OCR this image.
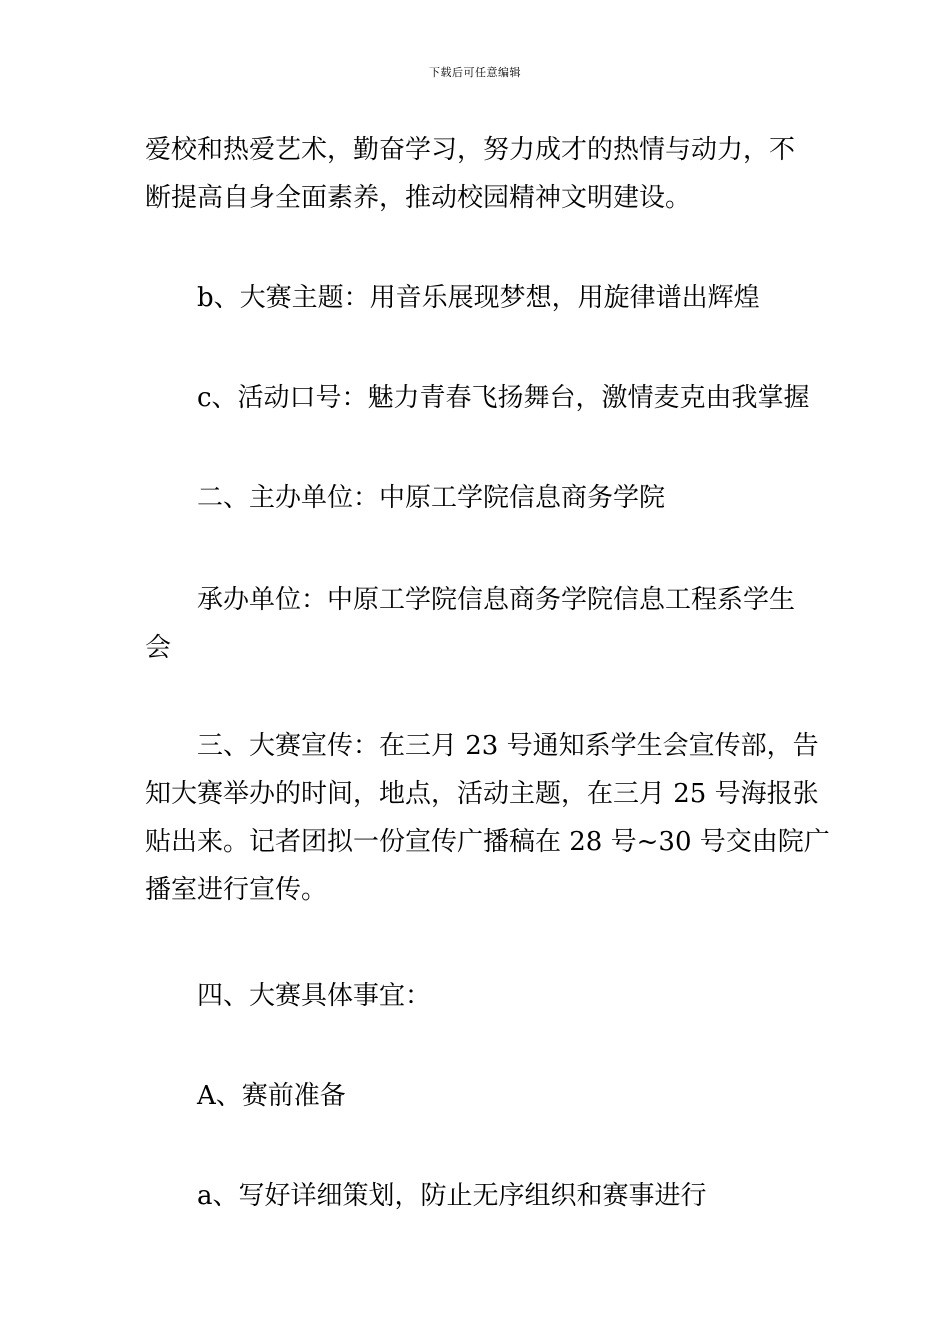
下载后可任意编辑
爱校和热爱艺术，勤奋学习，努力成才的热情与动力，不
断提高自身全面素养，推动校园精神文明建设。
b、大赛主题：用音乐展现梦想，用旋律谱出辉煌
c、活动口号：魅力青春飞扬舞台，激情麦克由我掌握
二、主办单位：中原工学院信息商务学院
承办单位：中原工学院信息商务学院信息工程系学生
会
三、大赛宣传：在三月 23 号通知系学生会宣传部，告
知大赛举办的时间，地点，活动主题，在三月 25 号海报张
贴出来。记者团拟一份宣传广播稿在 28 号~30 号交由院广
播室进行宣传。
四、大赛具体事宜：
A、赛前准备
a、写好详细策划，防止无序组织和赛事进行
